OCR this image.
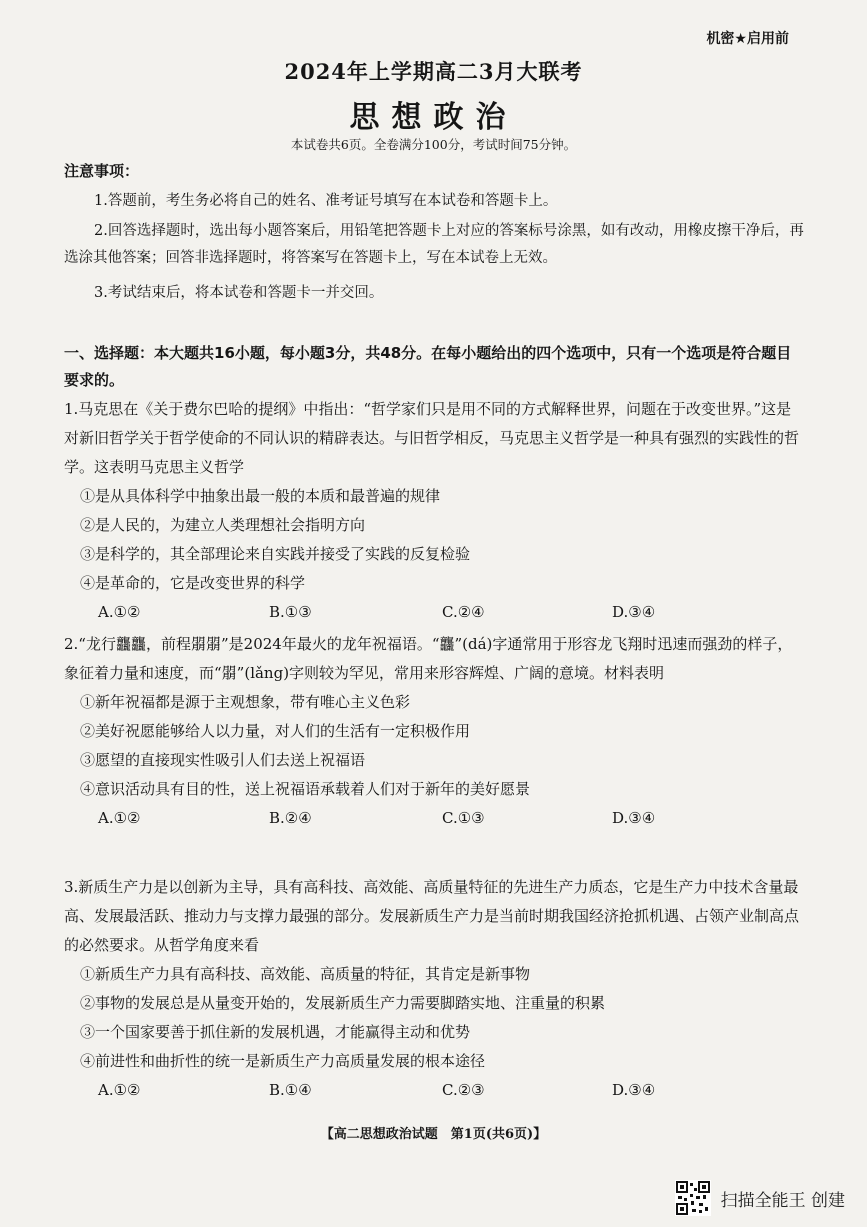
机密★启用前
2024年上学期高二3月大联考
思想政治
本试卷共6页。全卷满分100分，考试时间75分钟。
注意事项：
1.答题前，考生务必将自己的姓名、准考证号填写在本试卷和答题卡上。
2.回答选择题时，选出每小题答案后，用铅笔把答题卡上对应的答案标号涂黑，如有改动，用橡皮擦干净后，再选涂其他答案；回答非选择题时，将答案写在答题卡上，写在本试卷上无效。
3.考试结束后，将本试卷和答题卡一并交回。
一、选择题：本大题共16小题，每小题3分，共48分。在每小题给出的四个选项中，只有一个选项是符合题目要求的。

1.马克思在《关于费尔巴哈的提纲》中指出：“哲学家们只是用不同的方式解释世界，问题在于改变世界。”这是对新旧哲学关于哲学使命的不同认识的精辟表达。与旧哲学相反，马克思主义哲学是一种具有强烈的实践性的哲学。这表明马克思主义哲学

①是从具体科学中抽象出最一般的本质和最普遍的规律

②是人民的，为建立人类理想社会指明方向

③是科学的，其全部理论来自实践并接受了实践的反复检验

④是革命的，它是改变世界的科学

A.①②	B.①③	C.②④	D.③④

2.“龙行龘龘，前程朤朤”是2024年最火的龙年祝福语。“龘”(dá)字通常用于形容龙飞翔时迅速而强劲的样子，象征着力量和速度，而“朤”(lǎng)字则较为罕见，常用来形容辉煌、广阔的意境。材料表明

①新年祝福都是源于主观想象，带有唯心主义色彩

②美好祝愿能够给人以力量，对人们的生活有一定积极作用

③愿望的直接现实性吸引人们去送上祝福语

④意识活动具有目的性，送上祝福语承载着人们对于新年的美好愿景

A.①②	B.②④	C.①③	D.③④

3.新质生产力是以创新为主导，具有高科技、高效能、高质量特征的先进生产力质态，它是生产力中技术含量最高、发展最活跃、推动力与支撑力最强的部分。发展新质生产力是当前时期我国经济抢抓机遇、占领产业制高点的必然要求。从哲学角度来看

①新质生产力具有高科技、高效能、高质量的特征，其肯定是新事物

②事物的发展总是从量变开始的，发展新质生产力需要脚踏实地、注重量的积累

③一个国家要善于抓住新的发展机遇，才能赢得主动和优势

④前进性和曲折性的统一是新质生产力高质量发展的根本途径

A.①②	B.①④	C.②③	D.③④
【高二思想政治试题　第1页(共6页)】
扫描全能王 创建
